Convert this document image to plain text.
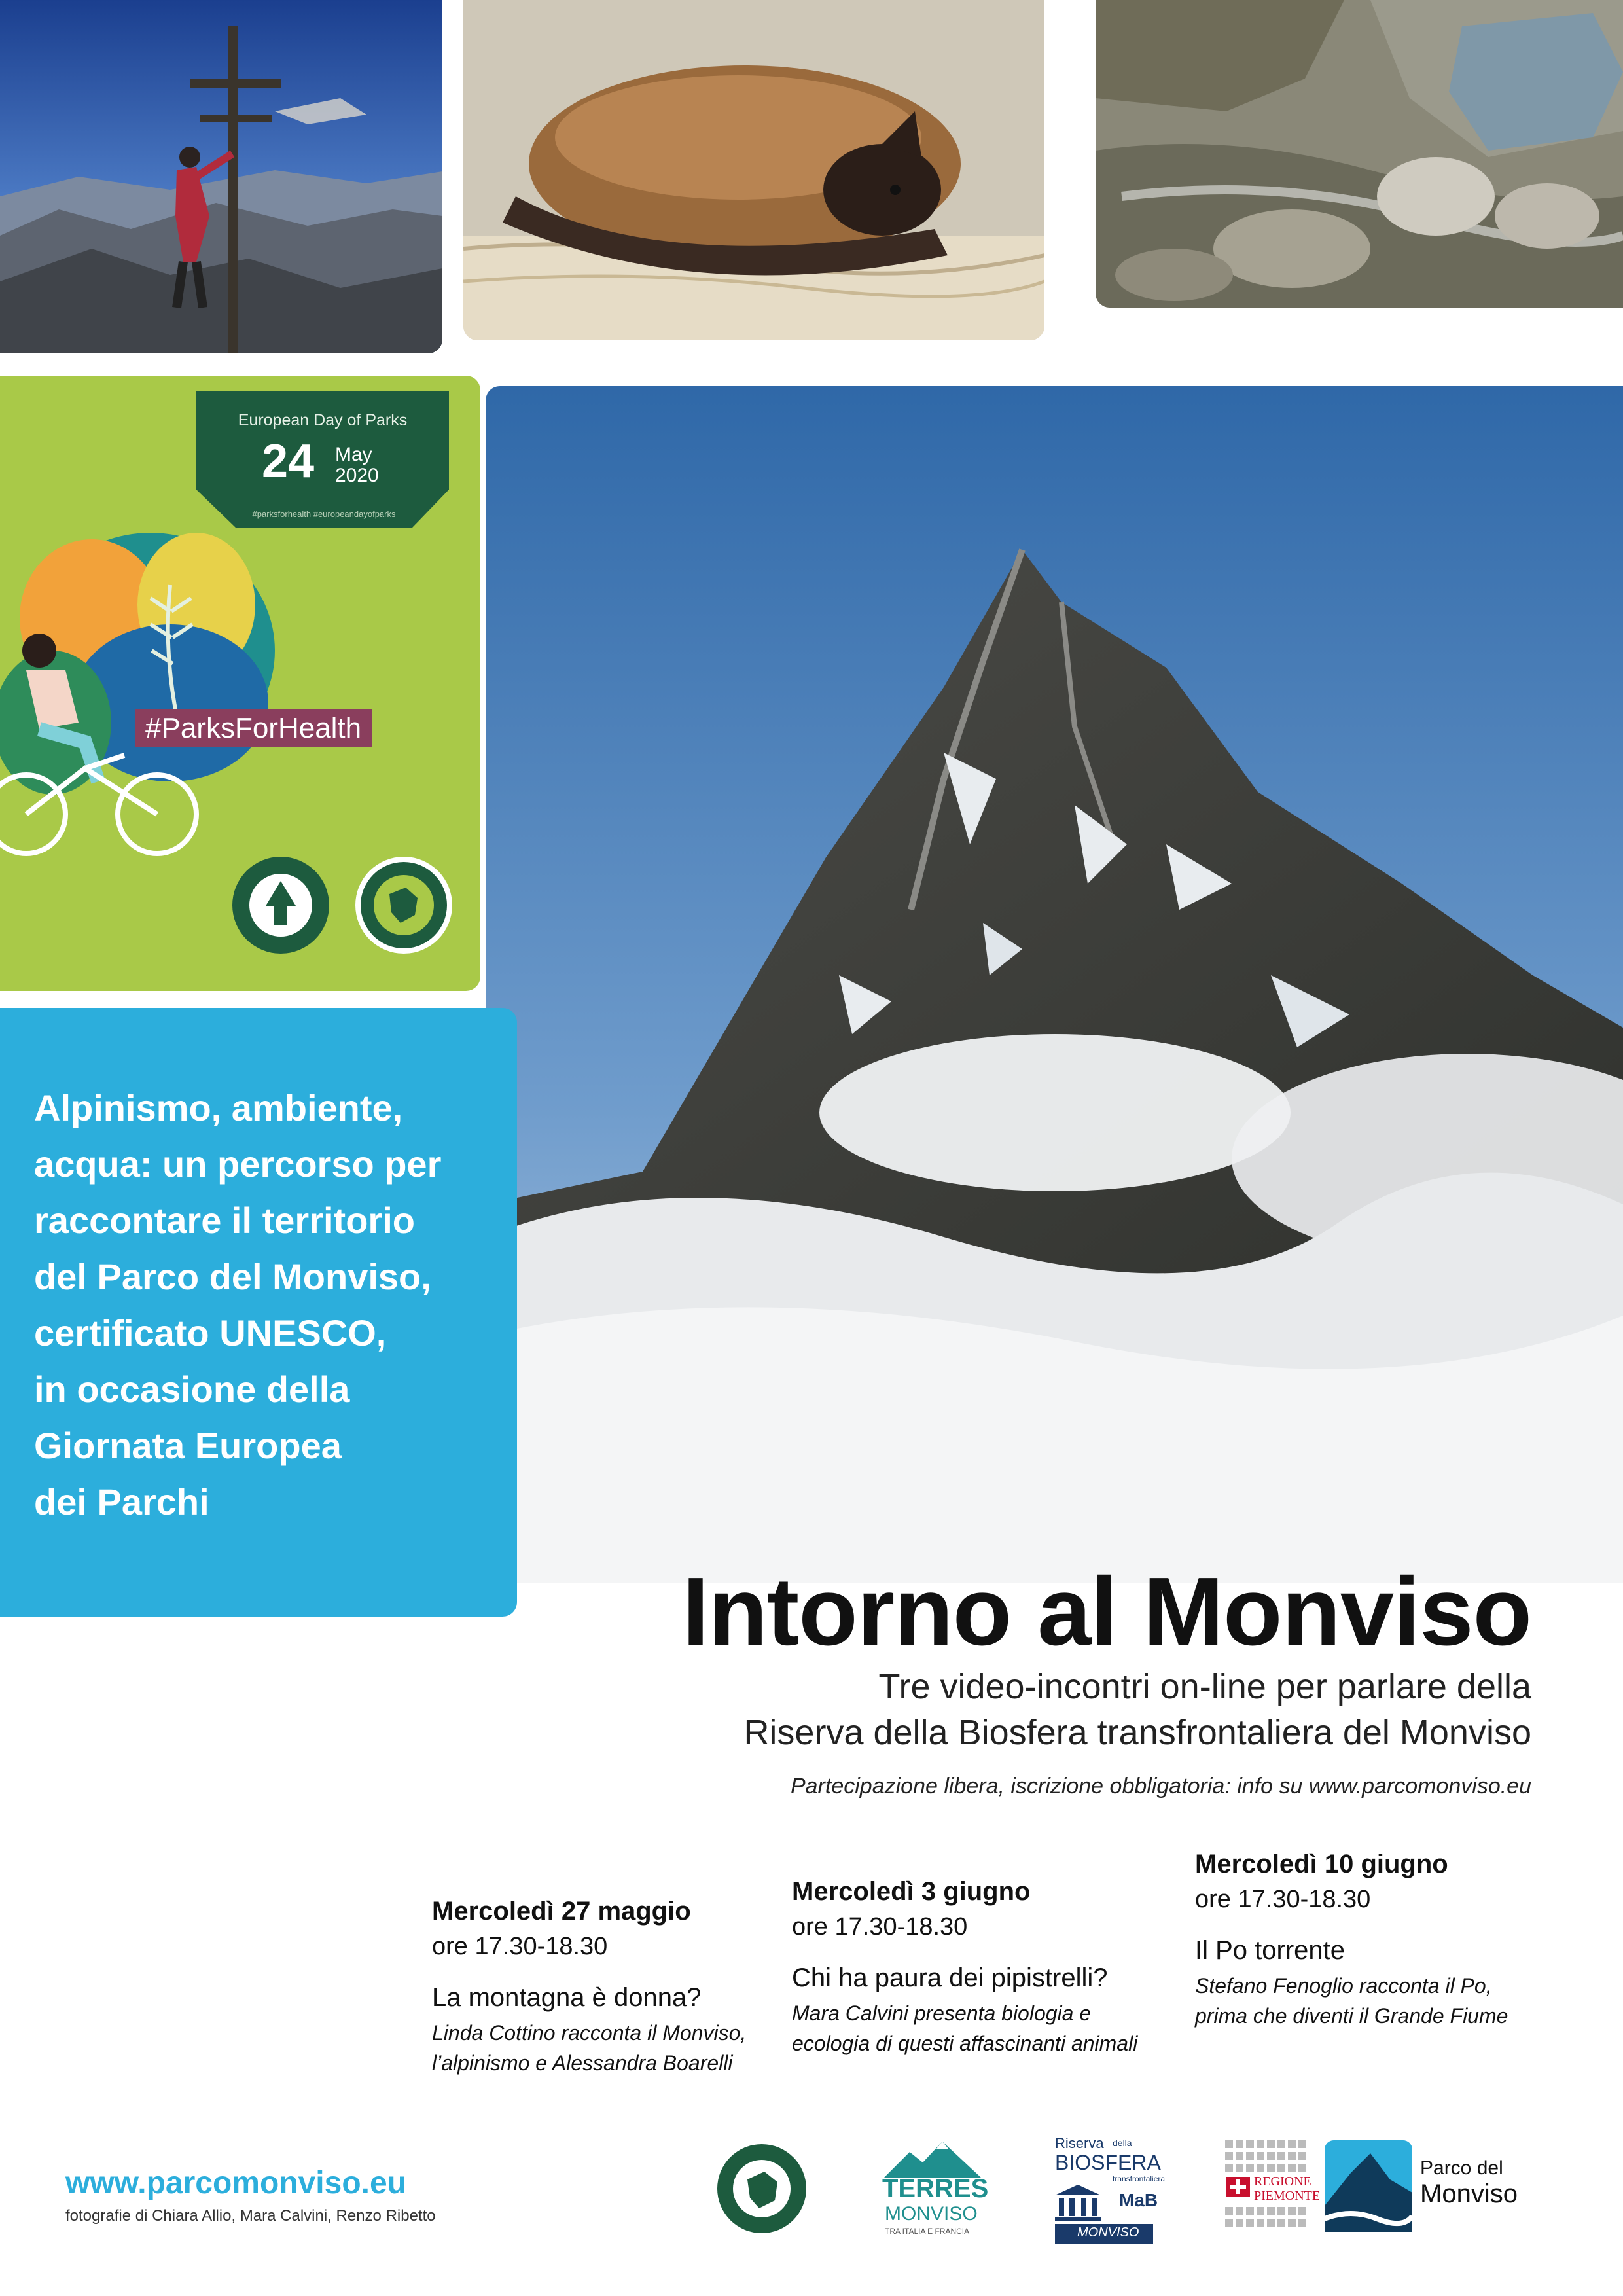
European Day of Parks
24 May
2020
#parksforhealth #europeandayofparks
#ParksForHealth
Alpinismo, ambiente,
acqua: un percorso per
raccontare il territorio
del Parco del Monviso,
certificato UNESCO,
in occasione della
Giornata Europea
dei Parchi
Intorno al Monviso
Tre video-incontri on-line per parlare della
Riserva della Biosfera transfrontaliera del Monviso
Partecipazione libera, iscrizione obbligatoria: info su www.parcomonviso.eu
Mercoledì 27 maggio
ore 17.30-18.30
La montagna è donna?
Linda Cottino racconta il Monviso,
l’alpinismo e Alessandra Boarelli
Mercoledì 3 giugno
ore 17.30-18.30
Chi ha paura dei pipistrelli?
Mara Calvini presenta biologia e
ecologia di questi affascinanti animali
Mercoledì 10 giugno
ore 17.30-18.30
Il Po torrente
Stefano Fenoglio racconta il Po,
prima che diventi il Grande Fiume
www.parcomonviso.eu
fotografie di Chiara Allio, Mara Calvini, Renzo Ribetto
TERRES
MONVISO
TRA ITALIA E FRANCIA
Riserva della
BIOSFERA
transfrontaliera
MaB
MONVISO
REGIONE
PIEMONTE
Parco del
Monviso
